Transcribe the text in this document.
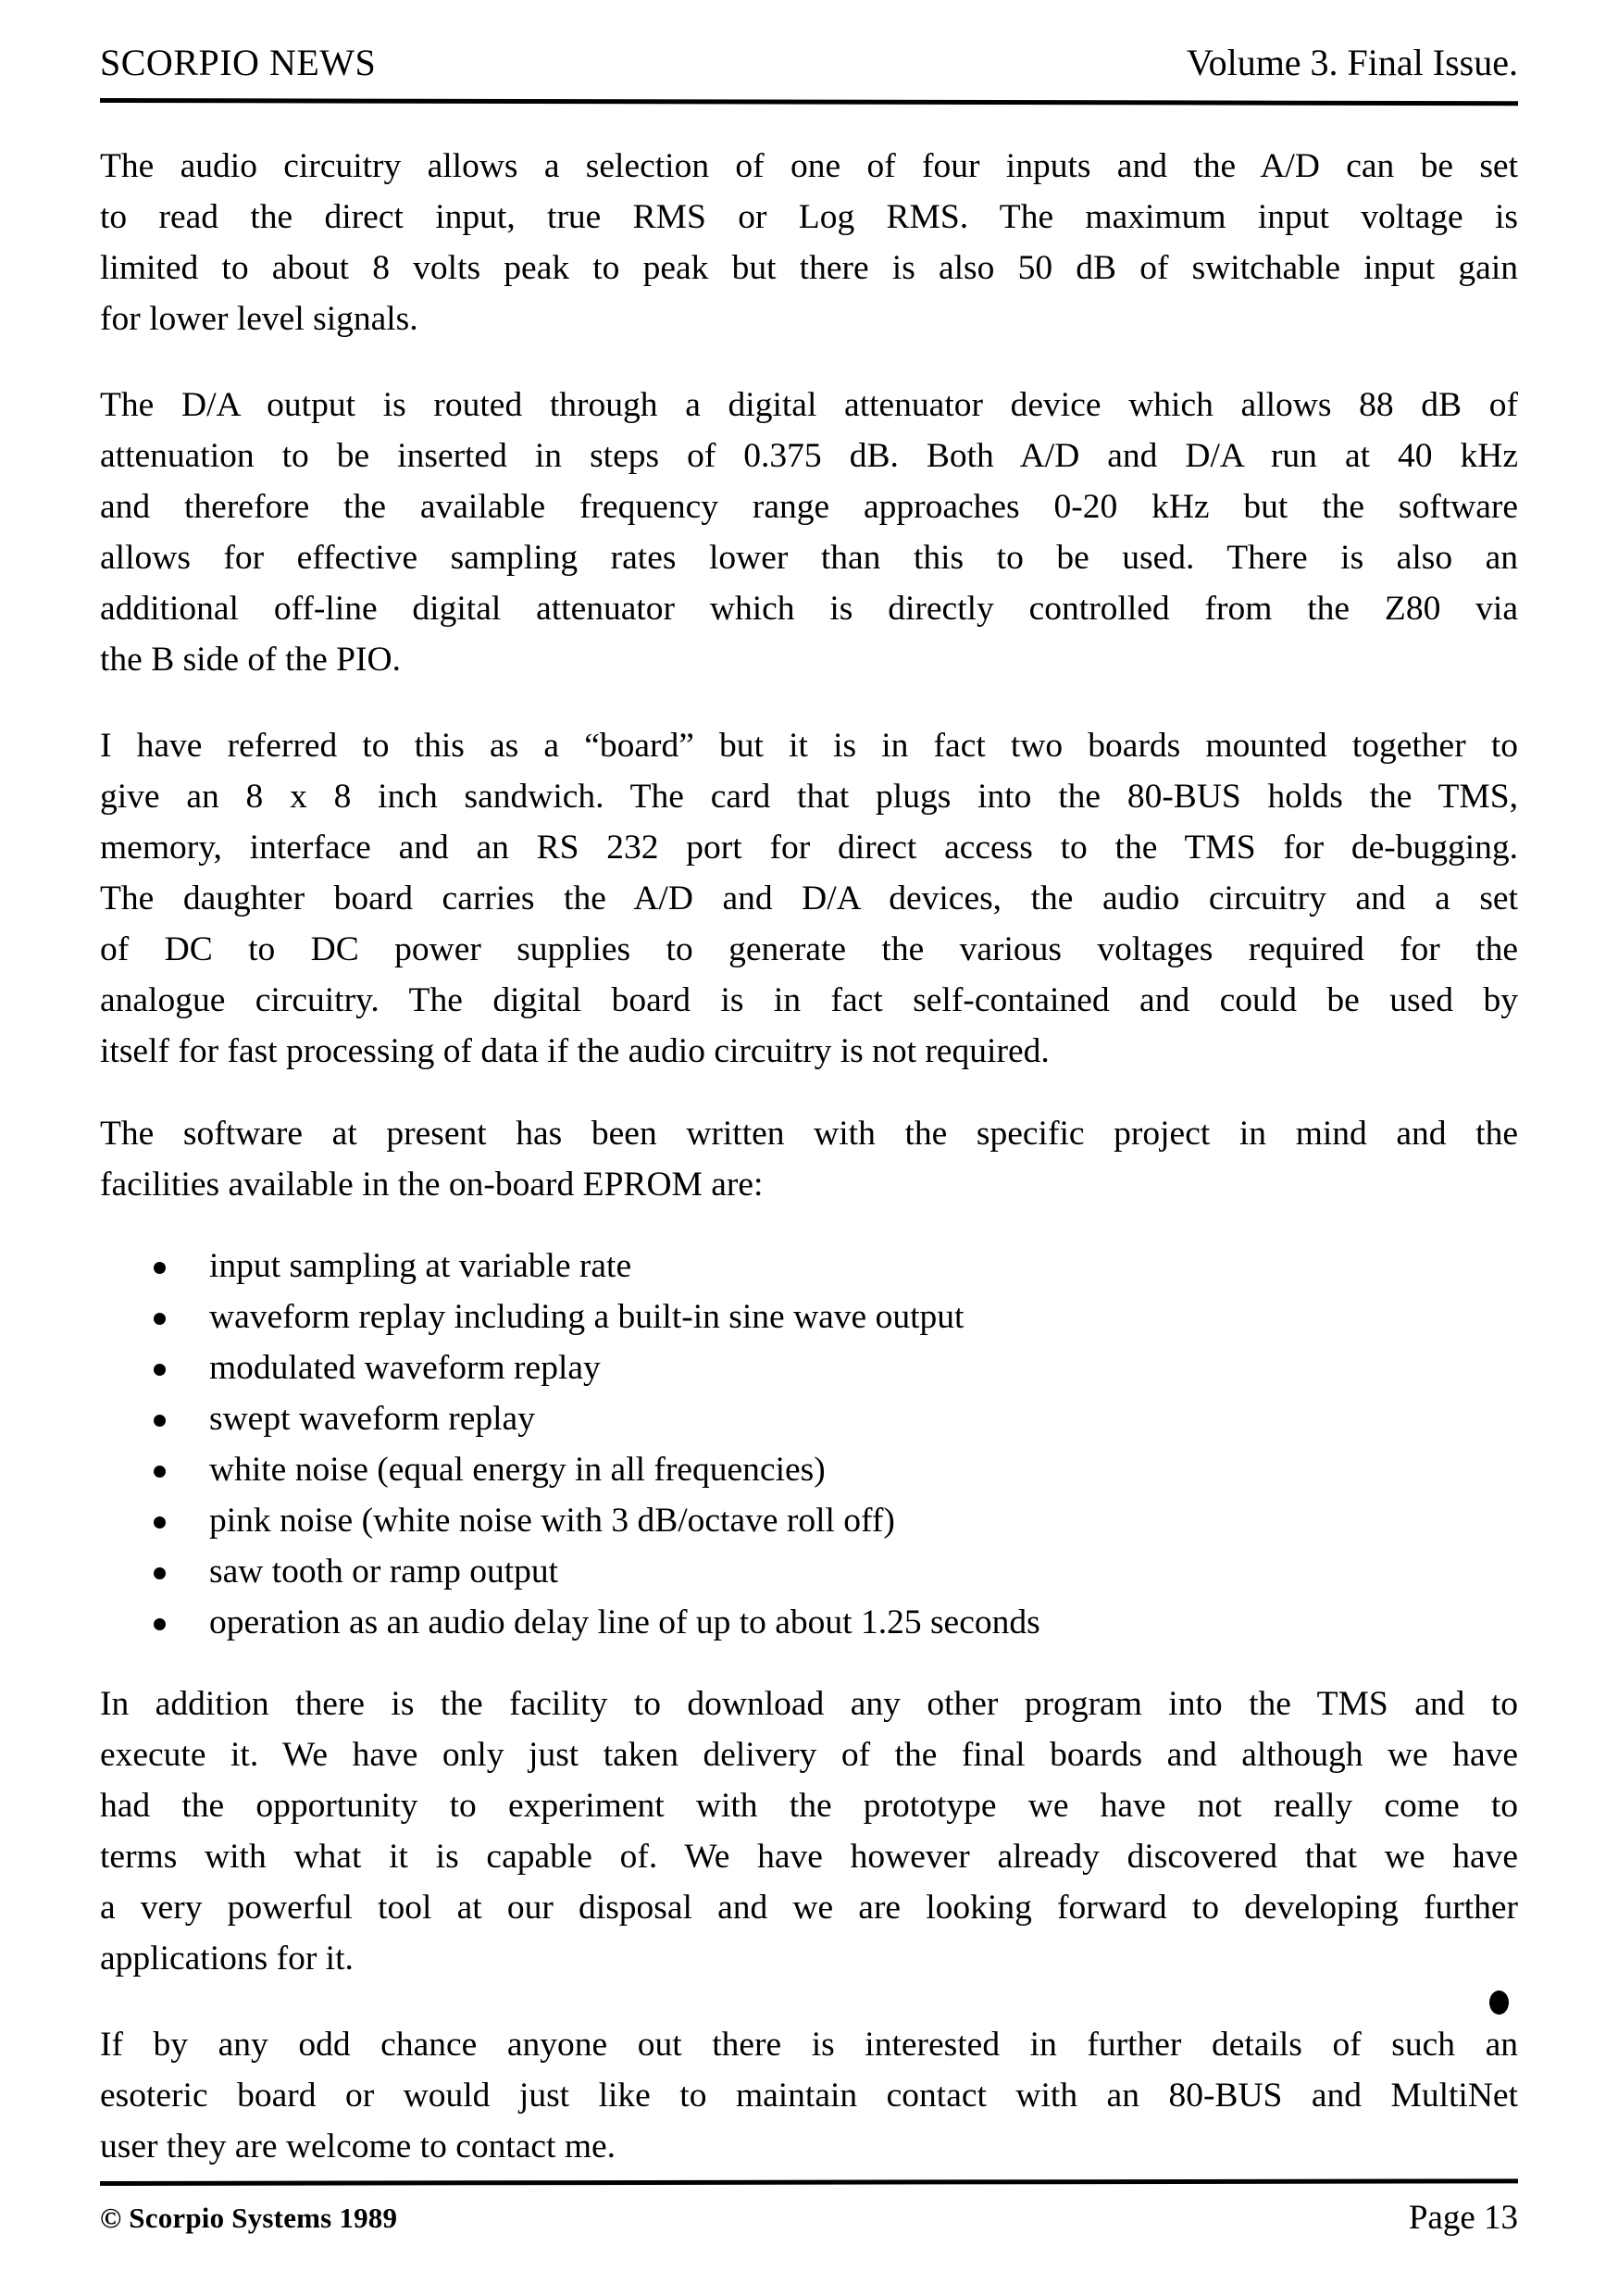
SCORPIO NEWS	Volume 3. Final Issue.

The audio circuitry allows a selection of one of four inputs and the A/D can be set
to read the direct input, true RMS or Log RMS. The maximum input voltage is
limited to about 8 volts peak to peak but there is also 50 dB of switchable input gain
for lower level signals.

The D/A output is routed through a digital attenuator device which allows 88 dB of
attenuation to be inserted in steps of 0.375 dB. Both A/D and D/A run at 40 kHz
and therefore the available frequency range approaches 0-20 kHz but the software
allows for effective sampling rates lower than this to be used. There is also an
additional off-line digital attenuator which is directly controlled from the Z80 via
the B side of the PIO.

I have referred to this as a “board” but it is in fact two boards mounted together to
give an 8 x 8 inch sandwich. The card that plugs into the 80-BUS holds the TMS,
memory, interface and an RS 232 port for direct access to the TMS for de-bugging.
The daughter board carries the A/D and D/A devices, the audio circuitry and a set
of DC to DC power supplies to generate the various voltages required for the
analogue circuitry. The digital board is in fact self-contained and could be used by
itself for fast processing of data if the audio circuitry is not required.

The software at present has been written with the specific project in mind and the
facilities available in the on-board EPROM are:

input sampling at variable rate
waveform replay including a built-in sine wave output
modulated waveform replay
swept waveform replay
white noise (equal energy in all frequencies)
pink noise (white noise with 3 dB/octave roll off)
saw tooth or ramp output
operation as an audio delay line of up to about 1.25 seconds

In addition there is the facility to download any other program into the TMS and to
execute it. We have only just taken delivery of the final boards and although we have
had the opportunity to experiment with the prototype we have not really come to
terms with what it is capable of. We have however already discovered that we have
a very powerful tool at our disposal and we are looking forward to developing further
applications for it.

If by any odd chance anyone out there is interested in further details of such an
esoteric board or would just like to maintain contact with an 80-BUS and MultiNet
user they are welcome to contact me.

© Scorpio Systems 1989	Page 13
